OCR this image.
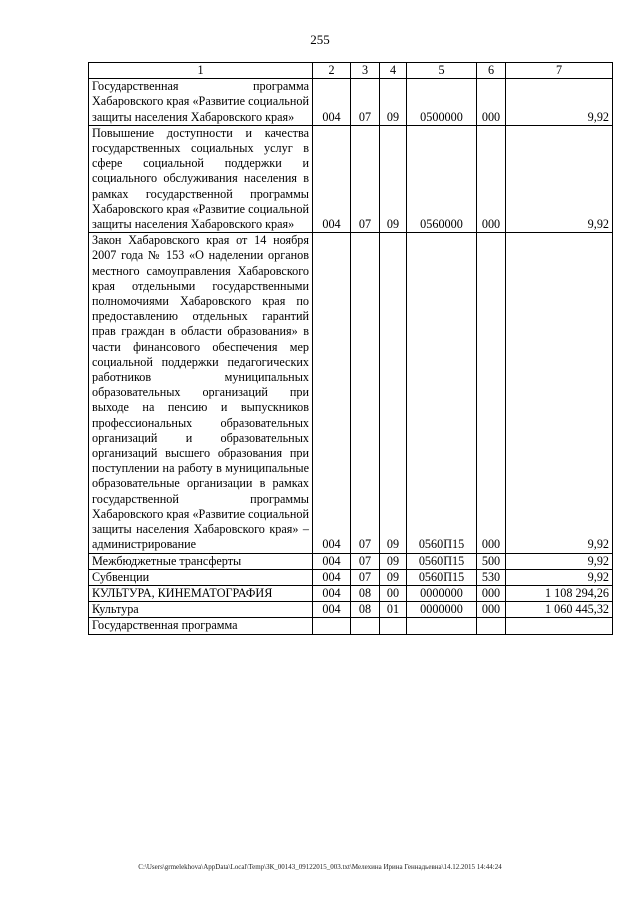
255
1	2	3	4	5	6	7
Государственная программа Хабаровского края «Развитие социальной защиты населения Хабаровского края»	004	07	09	0500000	000	9,92
Повышение доступности и качества государственных социальных услуг в сфере социальной поддержки и социального обслуживания населения в рамках государственной программы Хабаровского края «Развитие социальной защиты населения Хабаровского края»	004	07	09	0560000	000	9,92
Закон Хабаровского края от 14 ноября 2007 года № 153 «О наделении органов местного самоуправления Хабаровского края отдельными государственными полномочиями Хабаровского края по предоставлению отдельных гарантий прав граждан в области образования» в части финансового обеспечения мер социальной поддержки педагогических работников муниципальных образовательных организаций при выходе на пенсию и выпускников профессиональных образовательных организаций и образовательных организаций высшего образования при поступлении на работу в муниципальные образовательные организации в рамках государственной программы Хабаровского края «Развитие социальной защиты населения Хабаровского края» – администрирование	004	07	09	0560П15	000	9,92
Межбюджетные трансферты	004	07	09	0560П15	500	9,92
Субвенции	004	07	09	0560П15	530	9,92
КУЛЬТУРА, КИНЕМАТОГРАФИЯ	004	08	00	0000000	000	1 108 294,26
Культура	004	08	01	0000000	000	1 060 445,32
Государственная программа						
C:\Users\grmelekhova\AppData\Local\Temp\ЗК_00143_09122015_003.txt\Мелехина Ирина Геннадьевна\14.12.2015 14:44:24
